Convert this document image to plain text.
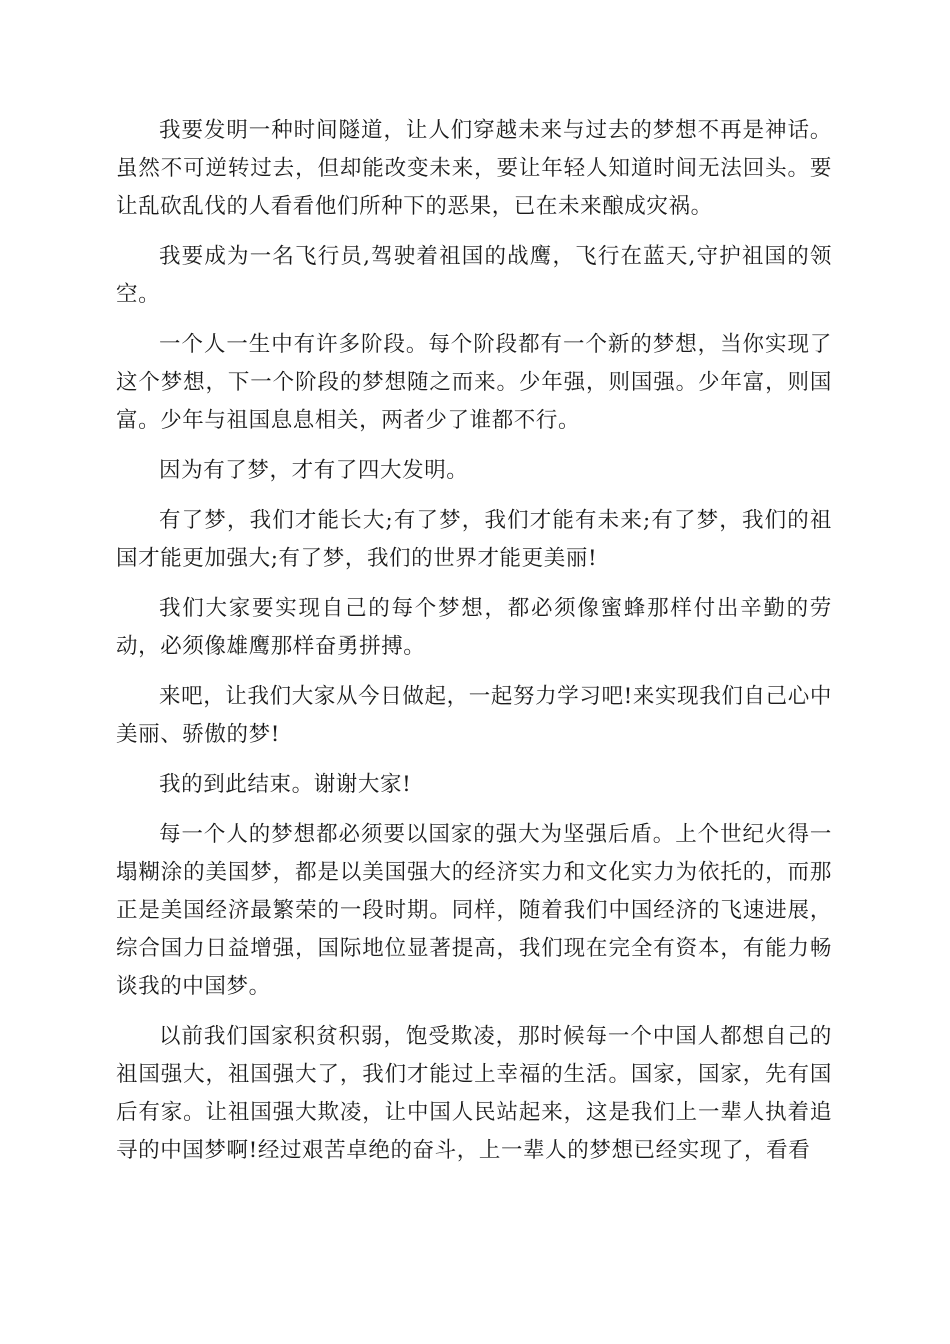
我要发明一种时间隧道，让人们穿越未来与过去的梦想不再是神话。虽然不可逆转过去，但却能改变未来，要让年轻人知道时间无法回头。要让乱砍乱伐的人看看他们所种下的恶果，已在未来酿成灾祸。

我要成为一名飞行员,驾驶着祖国的战鹰，飞行在蓝天,守护祖国的领空。

一个人一生中有许多阶段。每个阶段都有一个新的梦想，当你实现了这个梦想，下一个阶段的梦想随之而来。少年强，则国强。少年富，则国富。少年与祖国息息相关，两者少了谁都不行。

因为有了梦，才有了四大发明。

有了梦，我们才能长大;有了梦，我们才能有未来;有了梦，我们的祖国才能更加强大;有了梦，我们的世界才能更美丽!

我们大家要实现自己的每个梦想，都必须像蜜蜂那样付出辛勤的劳动，必须像雄鹰那样奋勇拼搏。

来吧，让我们大家从今日做起，一起努力学习吧!来实现我们自己心中美丽、骄傲的梦!

我的到此结束。谢谢大家!

每一个人的梦想都必须要以国家的强大为坚强后盾。上个世纪火得一塌糊涂的美国梦，都是以美国强大的经济实力和文化实力为依托的，而那正是美国经济最繁荣的一段时期。同样，随着我们中国经济的飞速进展，综合国力日益增强，国际地位显著提高，我们现在完全有资本，有能力畅谈我的中国梦。

以前我们国家积贫积弱，饱受欺凌，那时候每一个中国人都想自己的祖国强大，祖国强大了，我们才能过上幸福的生活。国家，国家，先有国后有家。让祖国强大欺凌，让中国人民站起来，这是我们上一辈人执着追寻的中国梦啊!经过艰苦卓绝的奋斗，上一辈人的梦想已经实现了，看看
